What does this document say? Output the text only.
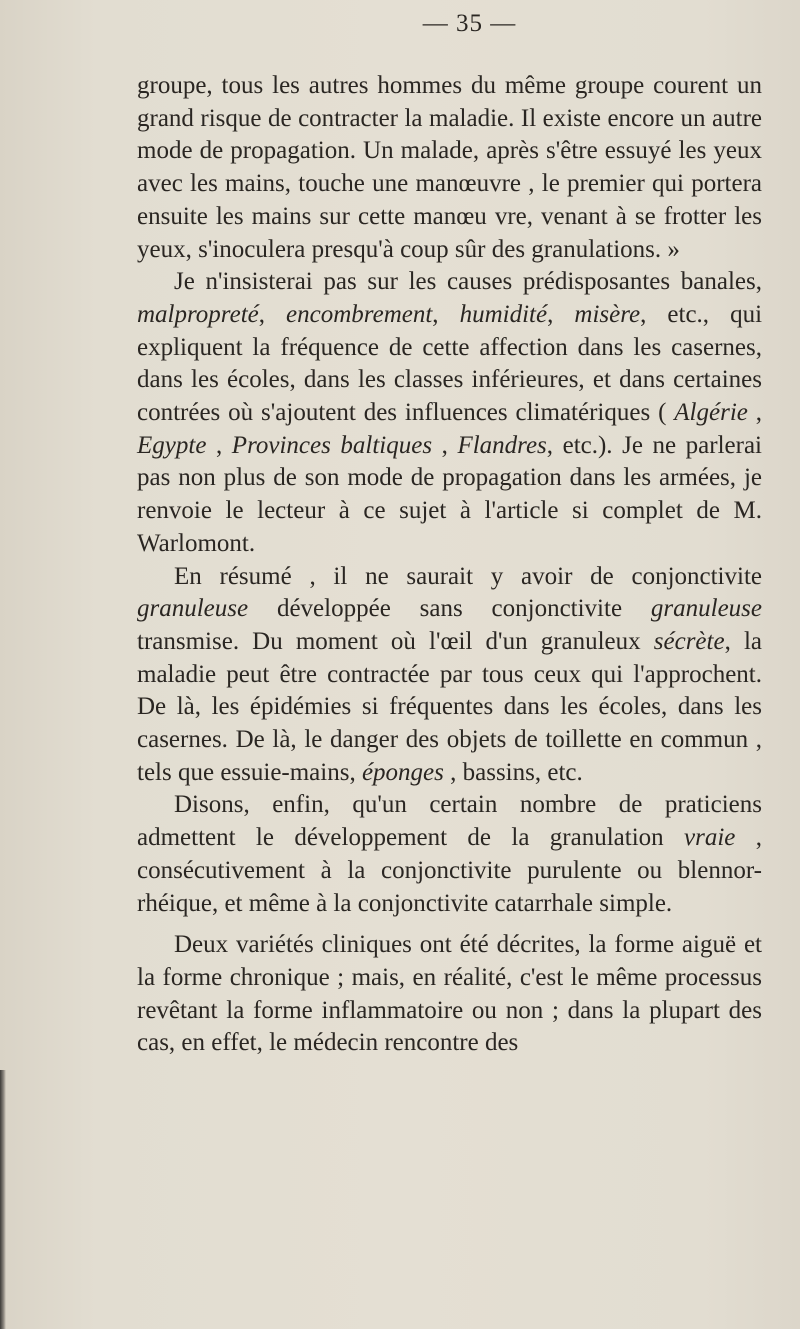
— 35 —

groupe, tous les autres hommes du même groupe courent un grand risque de contracter la maladie. Il existe encore un autre mode de propagation. Un malade, après s'être essuyé les yeux avec les mains, touche une manœuvre , le premier qui portera ensuite les mains sur cette manœu vre, venant à se frotter les yeux, s'inoculera presqu'à coup sûr des granulations. »

Je n'insisterai pas sur les causes prédisposantes banales, malpropreté, encombrement, humidité, misère, etc., qui expliquent la fréquence de cette affection dans les casernes, dans les écoles, dans les classes inférieures, et dans certaines contrées où s'ajoutent des influences climatériques ( Algérie , Egypte , Provinces baltiques , Flandres, etc.). Je ne parlerai pas non plus de son mode de propagation dans les armées, je renvoie le lecteur à ce sujet à l'article si complet de M. Warlomont.

En résumé , il ne saurait y avoir de conjonctivite granuleuse développée sans conjonctivite granuleuse transmise. Du moment où l'œil d'un granuleux sécrète, la maladie peut être contractée par tous ceux qui l'approchent. De là, les épidémies si fréquentes dans les écoles, dans les casernes. De là, le danger des objets de toillette en commun , tels que essuie-mains, éponges , bassins, etc.

Disons, enfin, qu'un certain nombre de praticiens admettent le développement de la granulation vraie , consécutivement à la conjonctivite purulente ou blennor-rhéique, et même à la conjonctivite catarrhale simple.

Deux variétés cliniques ont été décrites, la forme aiguë et la forme chronique ; mais, en réalité, c'est le même processus revêtant la forme inflammatoire ou non ; dans la plupart des cas, en effet, le médecin rencontre des
